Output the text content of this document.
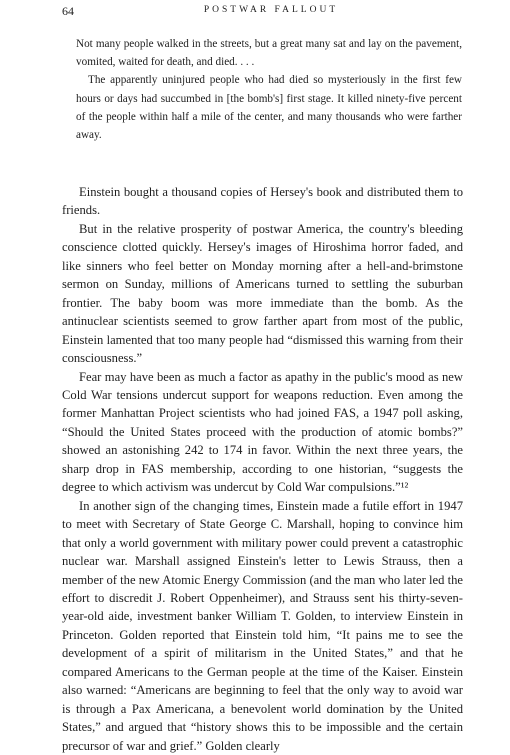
64	POSTWAR FALLOUT

Not many people walked in the streets, but a great many sat and lay on the pavement, vomited, waited for death, and died. . . .

The apparently uninjured people who had died so mysteriously in the first few hours or days had succumbed in [the bomb's] first stage. It killed ninety-five percent of the people within half a mile of the center, and many thousands who were farther away.

Einstein bought a thousand copies of Hersey's book and distributed them to friends.

But in the relative prosperity of postwar America, the country's bleeding conscience clotted quickly. Hersey's images of Hiroshima horror faded, and like sinners who feel better on Monday morning after a hell-and-brimstone sermon on Sunday, millions of Americans turned to settling the suburban frontier. The baby boom was more immediate than the bomb. As the antinuclear scientists seemed to grow farther apart from most of the public, Einstein lamented that too many people had “dismissed this warning from their consciousness.”

Fear may have been as much a factor as apathy in the public's mood as new Cold War tensions undercut support for weapons reduction. Even among the former Manhattan Project scientists who had joined FAS, a 1947 poll asking, “Should the United States proceed with the production of atomic bombs?” showed an astonishing 242 to 174 in favor. Within the next three years, the sharp drop in FAS membership, according to one historian, “suggests the degree to which activism was undercut by Cold War compulsions.”¹²

In another sign of the changing times, Einstein made a futile effort in 1947 to meet with Secretary of State George C. Marshall, hoping to convince him that only a world government with military power could prevent a catastrophic nuclear war. Marshall assigned Einstein's letter to Lewis Strauss, then a member of the new Atomic Energy Commission (and the man who later led the effort to discredit J. Robert Oppenheimer), and Strauss sent his thirty-seven-year-old aide, investment banker William T. Golden, to interview Einstein in Princeton. Golden reported that Einstein told him, “It pains me to see the development of a spirit of militarism in the United States,” and that he compared Americans to the German people at the time of the Kaiser. Einstein also warned: “Americans are beginning to feel that the only way to avoid war is through a Pax Americana, a benevolent world domination by the United States,” and argued that “history shows this to be impossible and the certain precursor of war and grief.” Golden clearly
